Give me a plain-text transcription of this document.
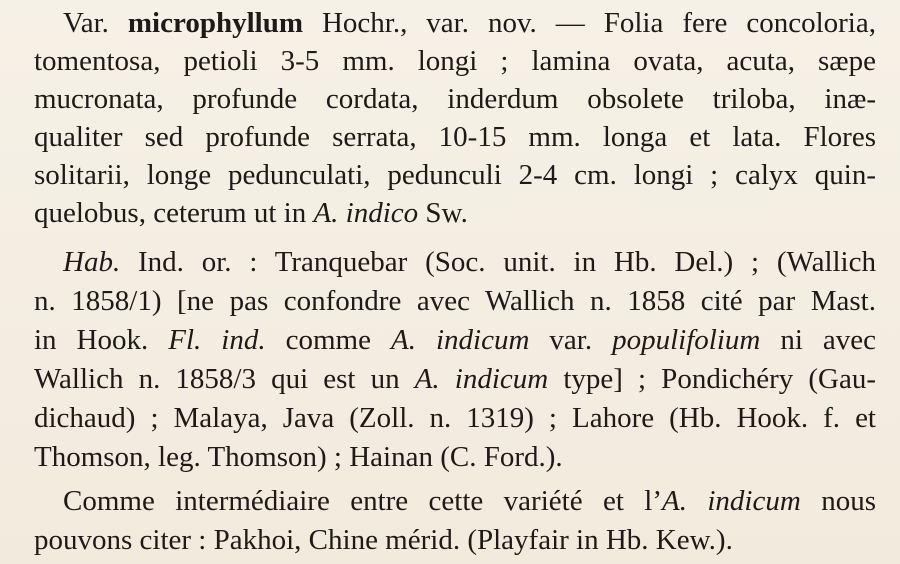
Var. microphyllum Hochr., var. nov. — Folia fere concoloria,
tomentosa, petioli 3-5 mm. longi ; lamina ovata, acuta, sæpe
mucronata, profunde cordata, inderdum obsolete triloba, inæ-
qualiter sed profunde serrata, 10-15 mm. longa et lata. Flores
solitarii, longe pedunculati, pedunculi 2-4 cm. longi ; calyx quin-
quelobus, ceterum ut in A. indico Sw.
Hab. Ind. or. : Tranquebar (Soc. unit. in Hb. Del.) ; (Wallich
n. 1858/1) [ne pas confondre avec Wallich n. 1858 cité par Mast.
in Hook. Fl. ind. comme A. indicum var. populifolium ni avec
Wallich n. 1858/3 qui est un A. indicum type] ; Pondichéry (Gau-
dichaud) ; Malaya, Java (Zoll. n. 1319) ; Lahore (Hb. Hook. f. et
Thomson, leg. Thomson) ; Hainan (C. Ford.).
Comme intermédiaire entre cette variété et l’A. indicum nous
pouvons citer : Pakhoi, Chine mérid. (Playfair in Hb. Kew.).
